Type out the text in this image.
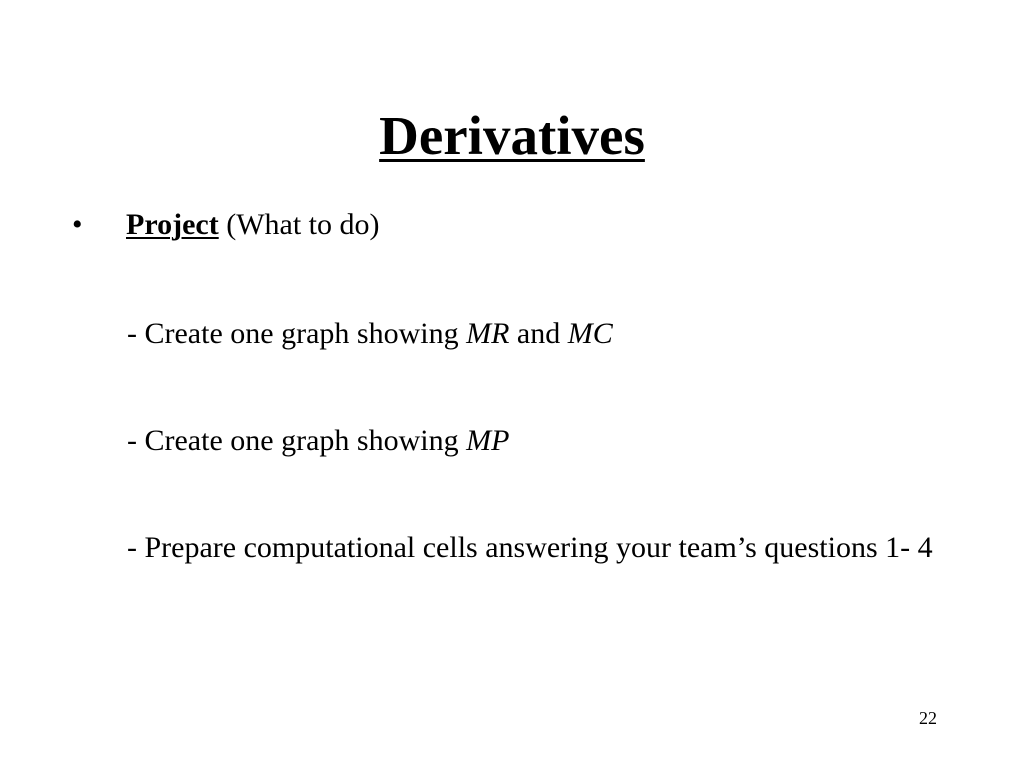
Derivatives
• Project (What to do)
- Create one graph showing MR and MC
- Create one graph showing MP
- Prepare computational cells answering your team’s questions 1- 4
22
